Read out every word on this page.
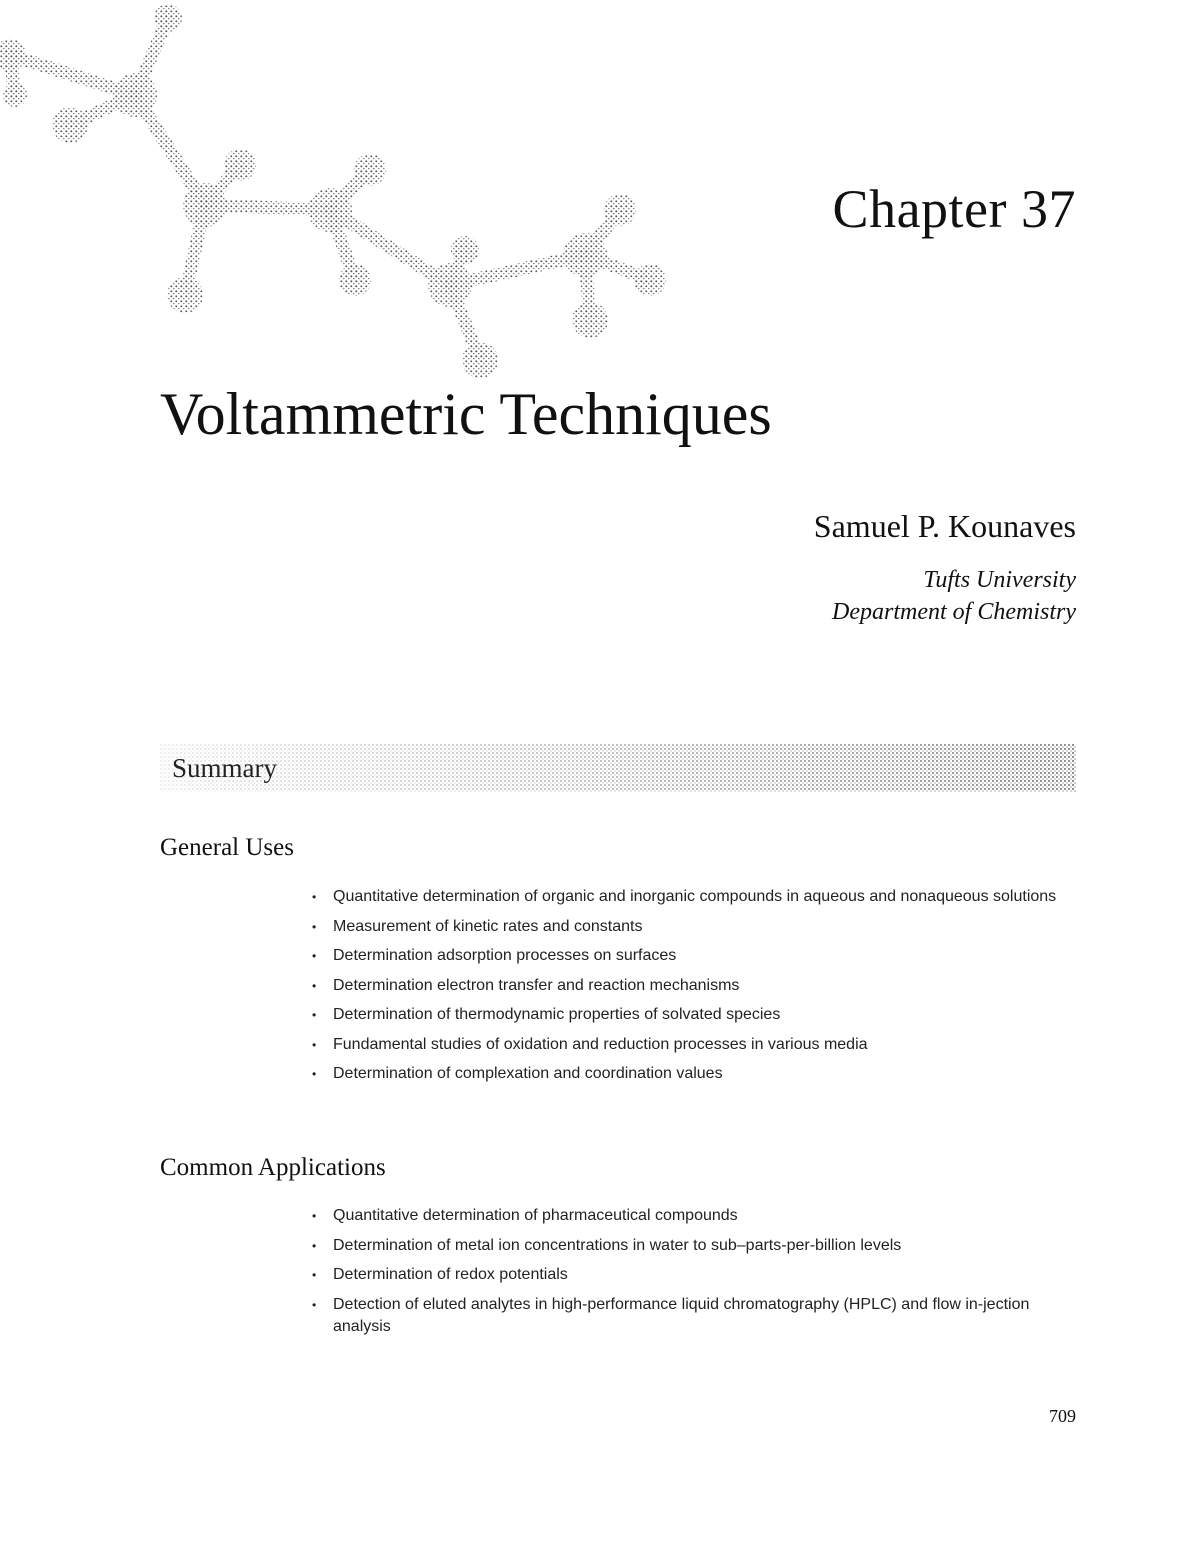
Chapter 37
Voltammetric Techniques
Samuel P. Kounaves
Tufts University
Department of Chemistry
Summary
General Uses
• Quantitative determination of organic and inorganic compounds in aqueous and nonaqueous solutions
• Measurement of kinetic rates and constants
• Determination adsorption processes on surfaces
• Determination electron transfer and reaction mechanisms
• Determination of thermodynamic properties of solvated species
• Fundamental studies of oxidation and reduction processes in various media
• Determination of complexation and coordination values
Common Applications
• Quantitative determination of pharmaceutical compounds
• Determination of metal ion concentrations in water to sub–parts-per-billion levels
• Determination of redox potentials
• Detection of eluted analytes in high-performance liquid chromatography (HPLC) and flow in-jection analysis
709
